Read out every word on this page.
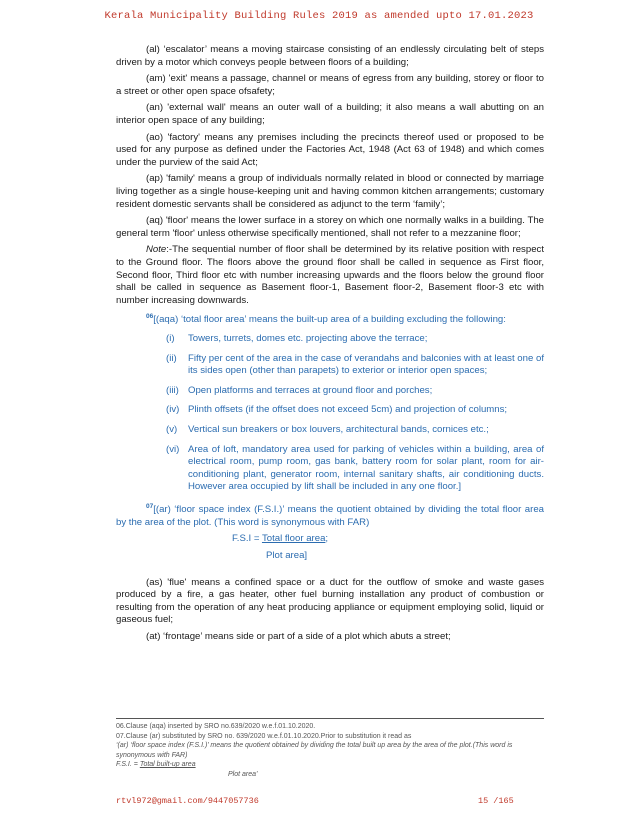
Kerala Municipality Building Rules 2019 as amended upto 17.01.2023

(al) ‘escalator’ means a moving staircase consisting of an endlessly circulating belt of steps driven by a motor which conveys people between floors of a building;

(am) 'exit' means a passage, channel or means of egress from any building, storey or floor to a street or other open space ofsafety;

(an) 'external wall' means an outer wall of a building; it also means a wall abutting on an interior open space of any building;

(ao) 'factory' means any premises including the precincts thereof used or proposed to be used for any purpose as defined under the Factories Act, 1948 (Act 63 of 1948) and which comes under the purview of the said Act;

(ap) 'family' means a group of individuals normally related in blood or connected by marriage living together as a single house-keeping unit and having common kitchen arrangements; customary resident domestic servants shall be considered as adjunct to the term ‘family’;

(aq) 'floor' means the lower surface in a storey on which one normally walks in a building. The general term 'floor' unless otherwise specifically mentioned, shall not refer to a mezzanine floor;

Note:-The sequential number of floor shall be determined by its relative position with respect to the Ground floor. The floors above the ground floor shall be called in sequence as First floor, Second floor, Third floor etc with number increasing upwards and the floors below the ground floor shall be called in sequence as Basement floor-1, Basement floor-2, Basement floor-3 etc with number increasing downwards.

$^{06}$[(aqa) ‘total floor area’ means the built-up area of a building excluding the following:

(i)	Towers, turrets, domes etc. projecting above the terrace;
(ii)	Fifty per cent of the area in the case of verandahs and balconies with at least one of its sides open (other than parapets) to exterior or interior open spaces;
(iii) Open platforms and terraces at ground floor and porches;
(iv) Plinth offsets (if the offset does not exceed 5cm) and projection of columns;
(v)	Vertical sun breakers or box louvers, architectural bands, cornices etc.;
(vi) Area of loft, mandatory area used for parking of vehicles within a building, area of electrical room, pump room, gas bank, battery room for solar plant, room for air-conditioning plant, generator room, internal sanitary shafts, air conditioning ducts. However area occupied by lift shall be included in any one floor.]

$^{07}$[(ar) ‘floor space index (F.S.I.)’ means the quotient obtained by dividing the total floor area by the area of the plot. (This word is synonymous with FAR)

F.S.I = Total floor area;

Plot area]

(as) 'flue' means a confined space or a duct for the outflow of smoke and waste gases produced by a fire, a gas heater, other fuel burning installation any product of combustion or resulting from the operation of any heat producing appliance or equipment employing solid, liquid or gaseous fuel;

(at) ‘frontage’ means side or part of a side of a plot which abuts a street;

06.Clause (aqa) inserted by SRO no.639/2020 w.e.f.01.10.2020.

07.Clause (ar) substituted by SRO no. 639/2020 w.e.f.01.10.2020.Prior to substitution it read as

‘(ar) ‘floor space index (F.S.I.)’ means the quotient obtained by dividing the total built up area by the area of the plot.(This word is synonymous with FAR)

F.S.I. = Total built-up area

Plot area’

rtvl972@gmail.com/9447057736	15 /165
